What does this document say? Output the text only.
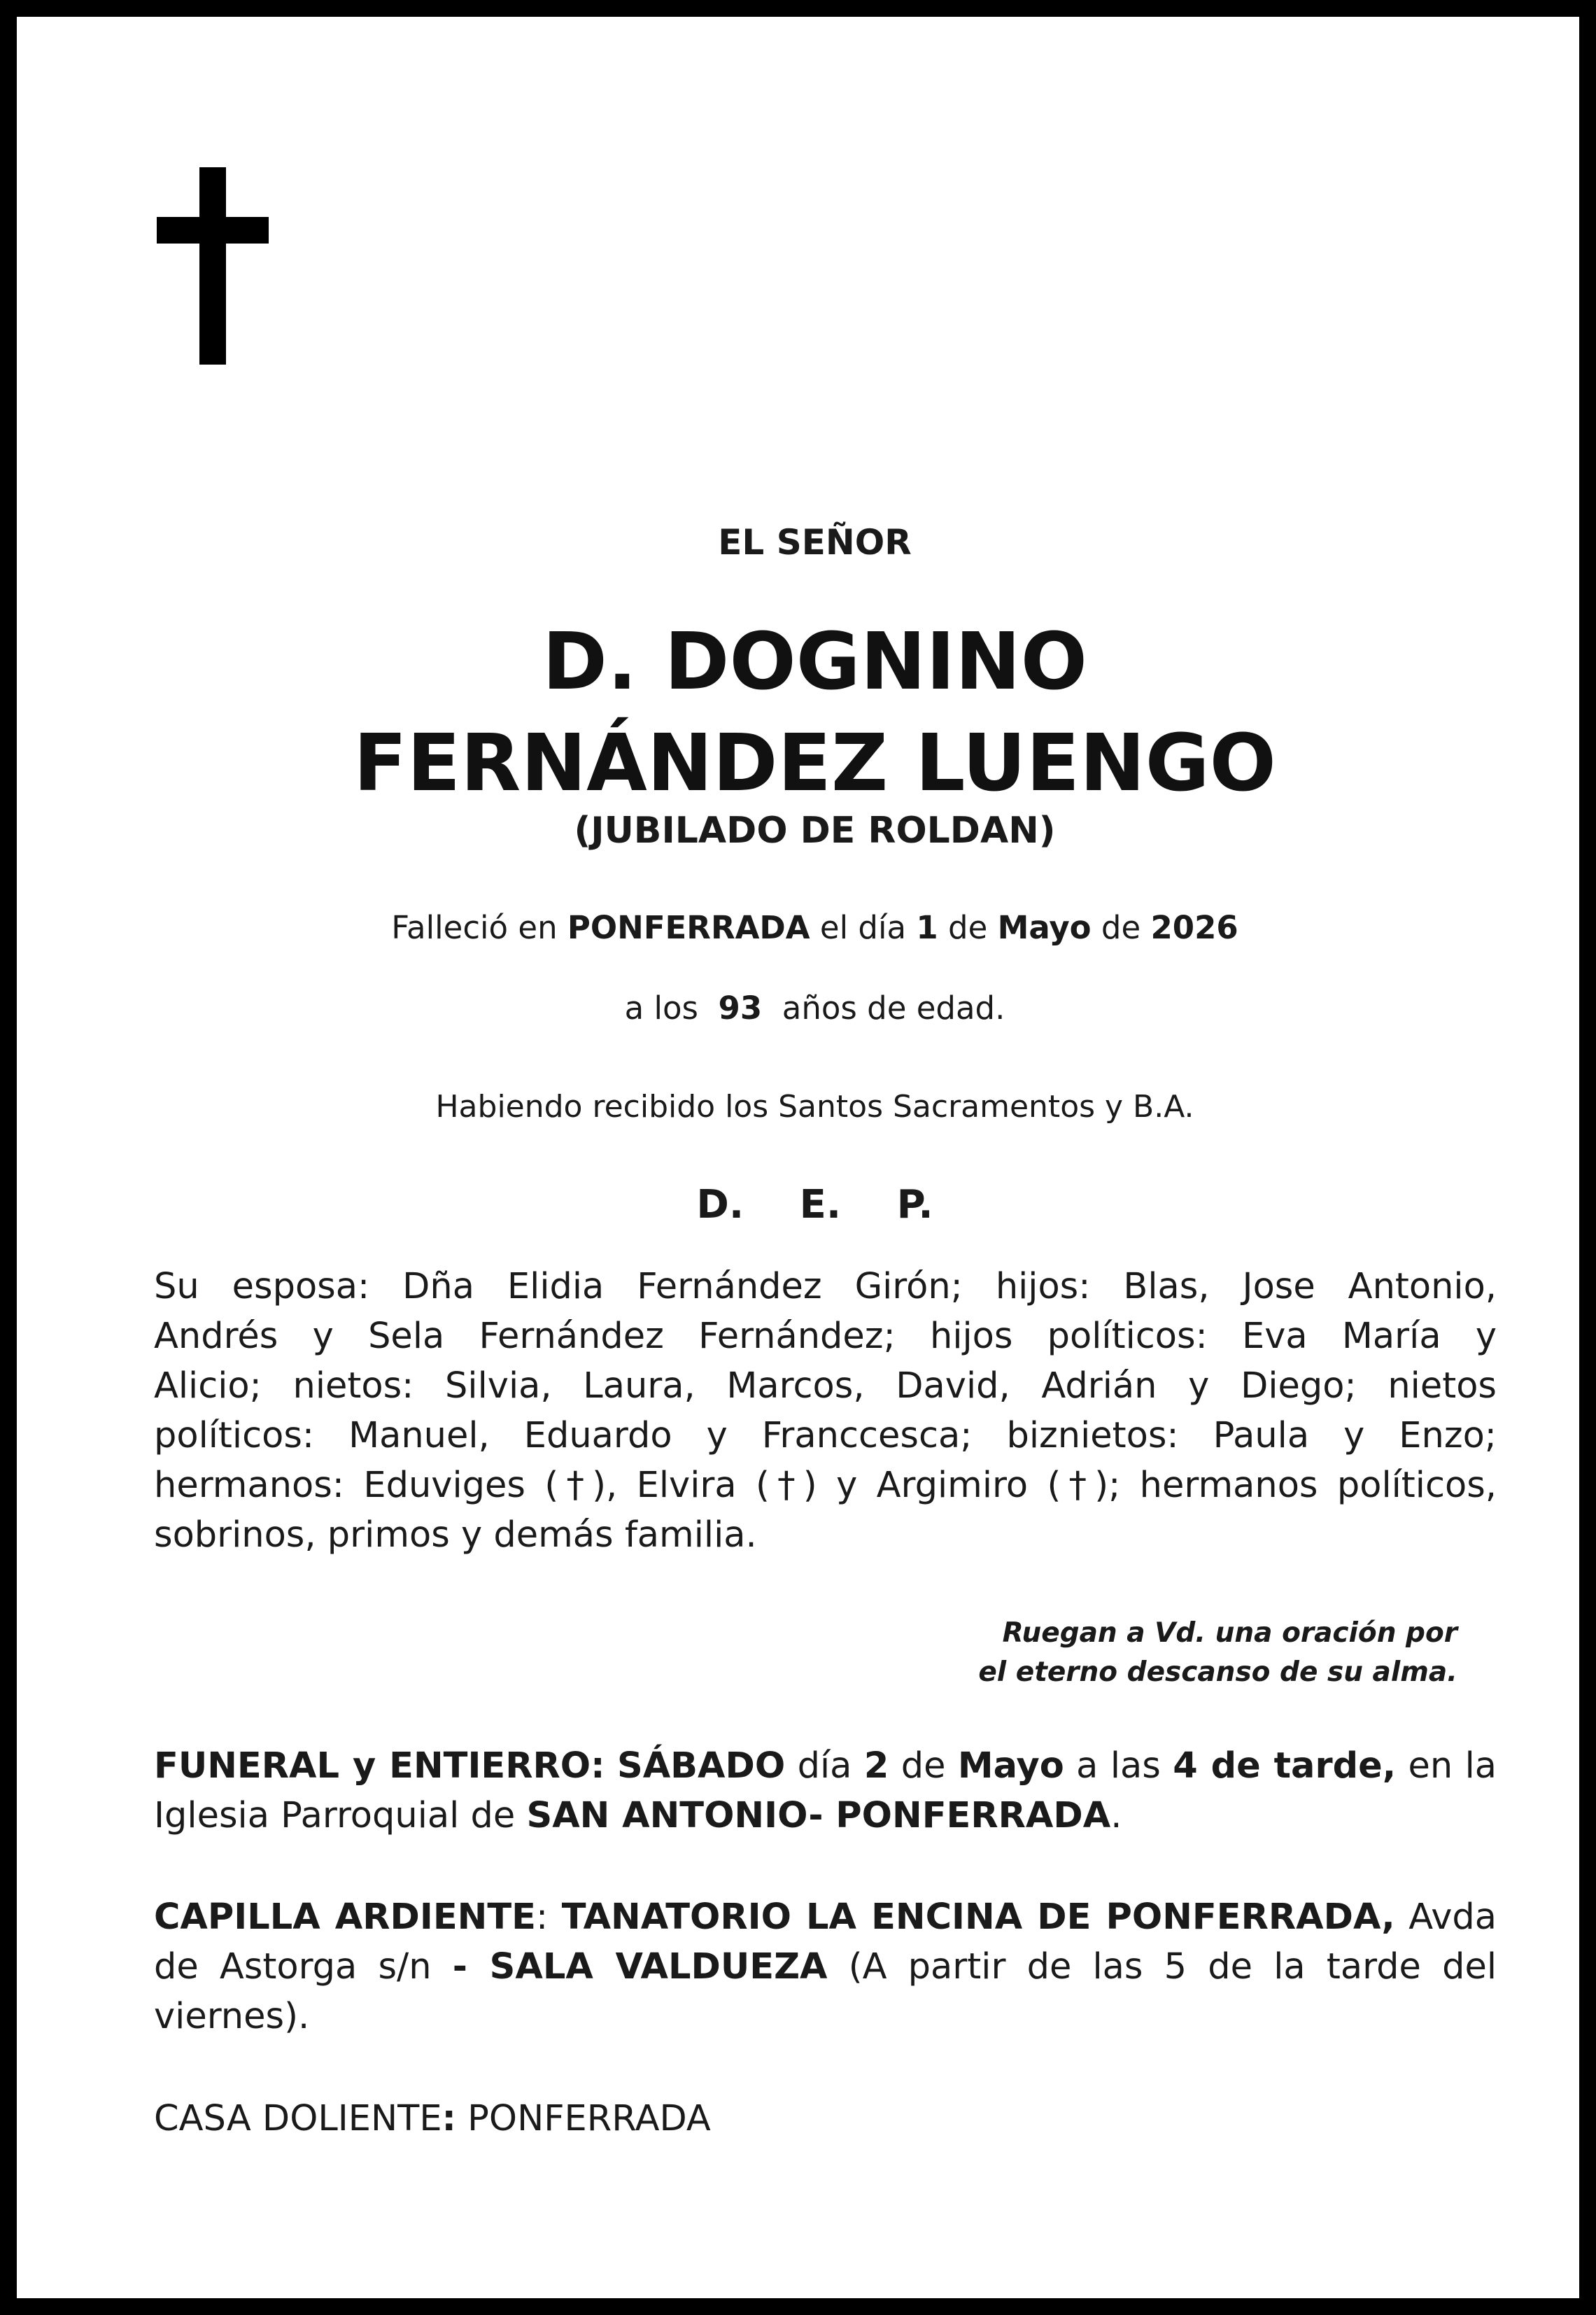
EL SEÑOR

D. DOGNINO
FERNÁNDEZ LUENGO

(JUBILADO DE ROLDAN)

Falleció en PONFERRADA el día 1 de Mayo de 2026

a los 93 años de edad.

Habiendo recibido los Santos Sacramentos y B.A.

D. E. P.

Su esposa: Dña Elidia Fernández Girón; hijos: Blas, Jose Antonio,
Andrés y Sela Fernández Fernández; hijos políticos: Eva María y
Alicio; nietos: Silvia, Laura, Marcos, David, Adrián y Diego; nietos
políticos: Manuel, Eduardo y Franccesca; biznietos: Paula y Enzo;
hermanos: Eduviges (†), Elvira (†) y Argimiro (†); hermanos políticos,
sobrinos, primos y demás familia.
Ruegan a Vd. una oración por
el eterno descanso de su alma.
FUNERAL y ENTIERRO: SÁBADO día 2 de Mayo a las 4 de tarde, en la
Iglesia Parroquial de SAN ANTONIO- PONFERRADA.
CAPILLA ARDIENTE: TANATORIO LA ENCINA DE PONFERRADA, Avda
de Astorga s/n - SALA VALDUEZA (A partir de las 5 de la tarde del
viernes).
CASA DOLIENTE: PONFERRADA
